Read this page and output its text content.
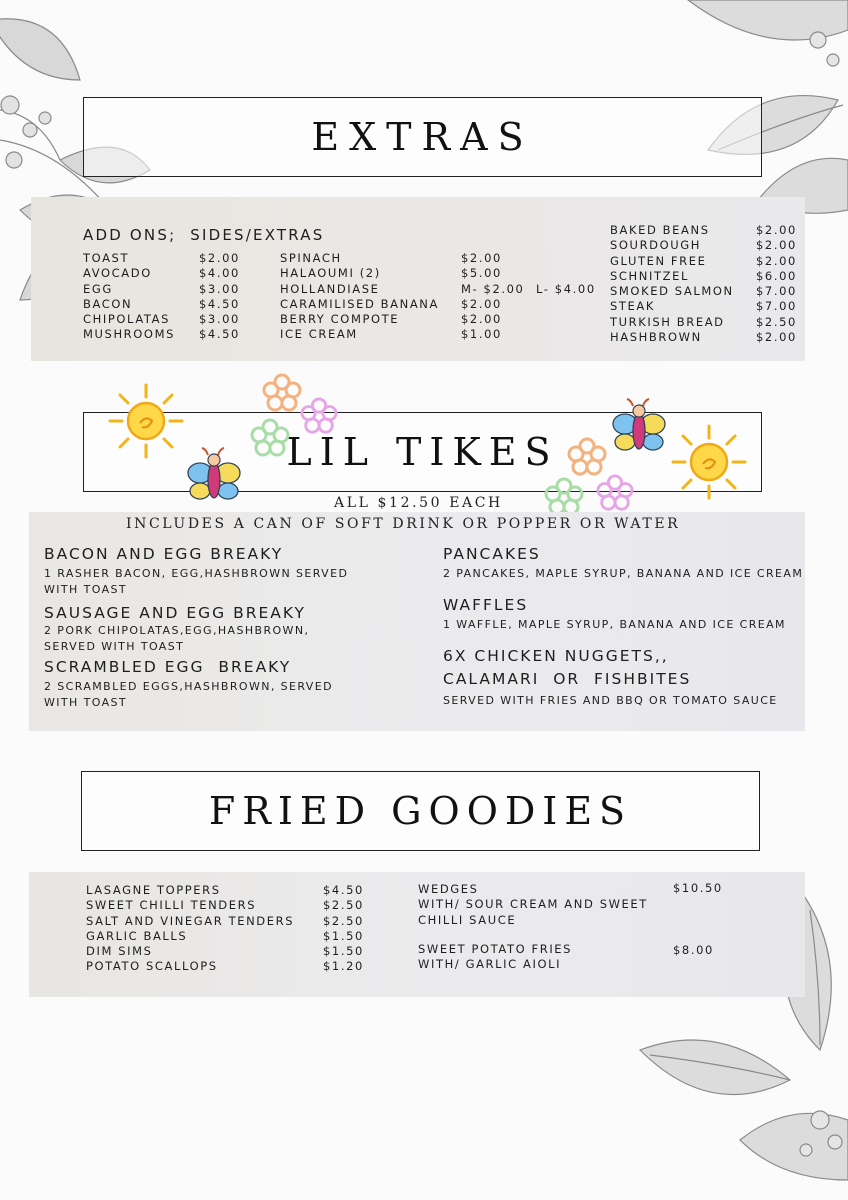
EXTRAS
ADD ONS;  SIDES/EXTRAS
TOAST
AVOCADO
EGG
BACON
CHIPOLATAS
MUSHROOMS
$2.00
$4.00
$3.00
$4.50
$3.00
$4.50
SPINACH
HALAOUMI (2)
HOLLANDIASE
CARAMILISED BANANA
BERRY COMPOTE
ICE CREAM
$2.00
$5.00
M- $2.00
$2.00
$2.00
$1.00
L- $4.00
BAKED BEANS
SOURDOUGH
GLUTEN FREE
SCHNITZEL
SMOKED SALMON
STEAK
TURKISH BREAD
HASHBROWN
$2.00
$2.00
$2.00
$6.00
$7.00
$7.00
$2.50
$2.00
LIL TIKES
ALL $12.50 EACH
INCLUDES A CAN OF SOFT DRINK OR POPPER OR WATER
BACON AND EGG BREAKY
1 RASHER BACON, EGG,HASHBROWN SERVED WITH TOAST
SAUSAGE AND EGG BREAKY
2 PORK CHIPOLATAS,EGG,HASHBROWN, SERVED WITH TOAST
SCRAMBLED EGG  BREAKY
2 SCRAMBLED EGGS,HASHBROWN, SERVED WITH TOAST
PANCAKES
2 PANCAKES, MAPLE SYRUP, BANANA AND ICE CREAM
WAFFLES
1 WAFFLE, MAPLE SYRUP, BANANA AND ICE CREAM
6X CHICKEN NUGGETS,,
CALAMARI  OR  FISHBITES
SERVED WITH FRIES AND BBQ OR TOMATO SAUCE
FRIED GOODIES
LASAGNE TOPPERS
SWEET CHILLI TENDERS
SALT AND VINEGAR TENDERS
GARLIC BALLS
DIM SIMS
POTATO SCALLOPS
$4.50
$2.50
$2.50
$1.50
$1.50
$1.20
WEDGES
WITH/ SOUR CREAM AND SWEET
CHILLI SAUCE
$10.50
SWEET POTATO FRIES
WITH/ GARLIC AIOLI
$8.00
